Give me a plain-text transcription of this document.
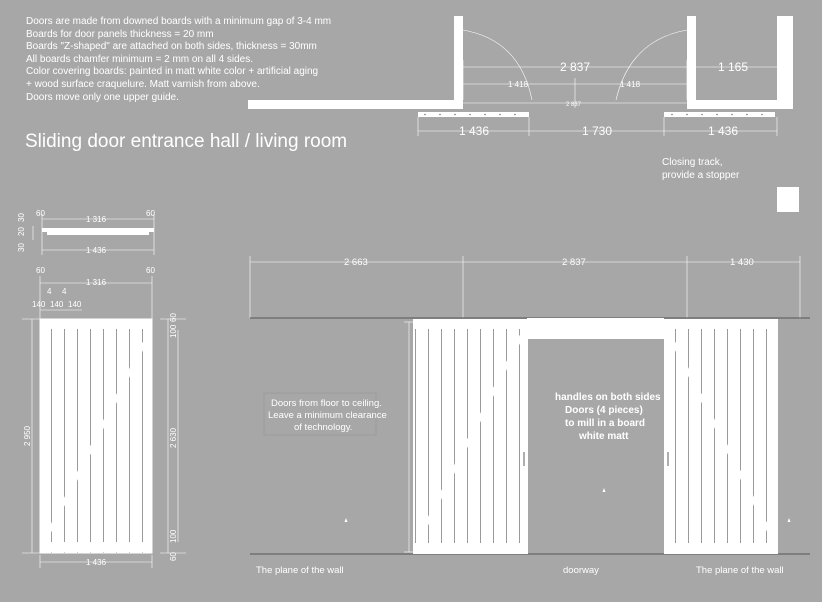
Doors are made from downed boards with a minimum gap of 3-4 mm
Boards for door panels thickness = 20 mm
Boards "Z-shaped" are attached on both sides, thickness = 30mm
All boards chamfer minimum = 2 mm on all 4 sides.
Color covering boards: painted in matt white color + artificial aging
+ wood surface craquelure. Matt varnish from above.
Doors move only one upper guide.
Sliding door entrance hall / living room
Closing track,
provide a stopper
2 837	1 165
1 418	1 418
2 837
1 436	1 730	1 436
60	60
1 316
1 436
30
20
30
60	60
1 316
4 4
140 140 140
2 950	2 630
60
100
100
60
1 436
2 663	2 837	1 430
Doors from floor to ceiling.
Leave a minimum clearance
of technology.
handles on both sides
Doors (4 pieces)
to mill in a board
white matt
The plane of the wall	doorway	The plane of the wall
